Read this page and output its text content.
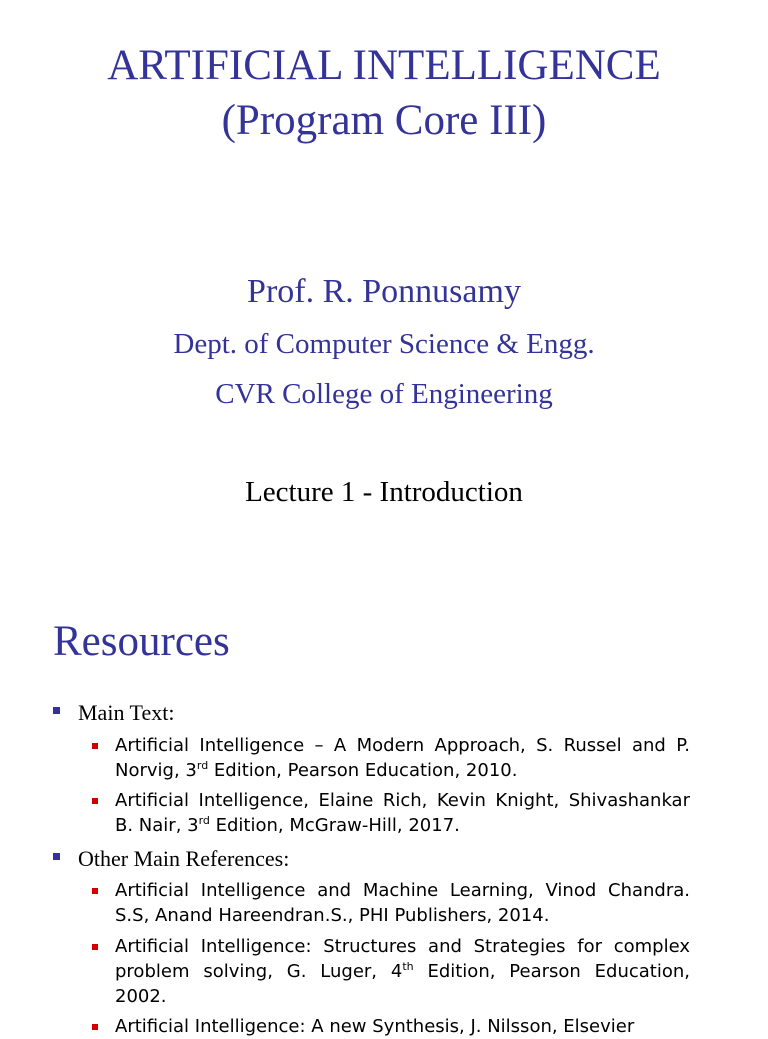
ARTIFICIAL INTELLIGENCE
(Program Core III)
Prof. R. Ponnusamy
Dept. of Computer Science & Engg.
CVR College of Engineering
Lecture 1 - Introduction
Resources
Main Text:
Artificial Intelligence – A Modern Approach, S. Russel and P. Norvig, 3rd Edition, Pearson Education, 2010.
Artificial Intelligence, Elaine Rich, Kevin Knight, Shivashankar B. Nair, 3rd Edition, McGraw-Hill, 2017.
Other Main References:
Artificial Intelligence and Machine Learning, Vinod Chandra. S.S, Anand Hareendran.S., PHI Publishers, 2014.
Artificial Intelligence: Structures and Strategies for complex problem solving, G. Luger, 4th Edition, Pearson Education, 2002.
Artificial Intelligence: A new Synthesis, J. Nilsson, Elsevier
